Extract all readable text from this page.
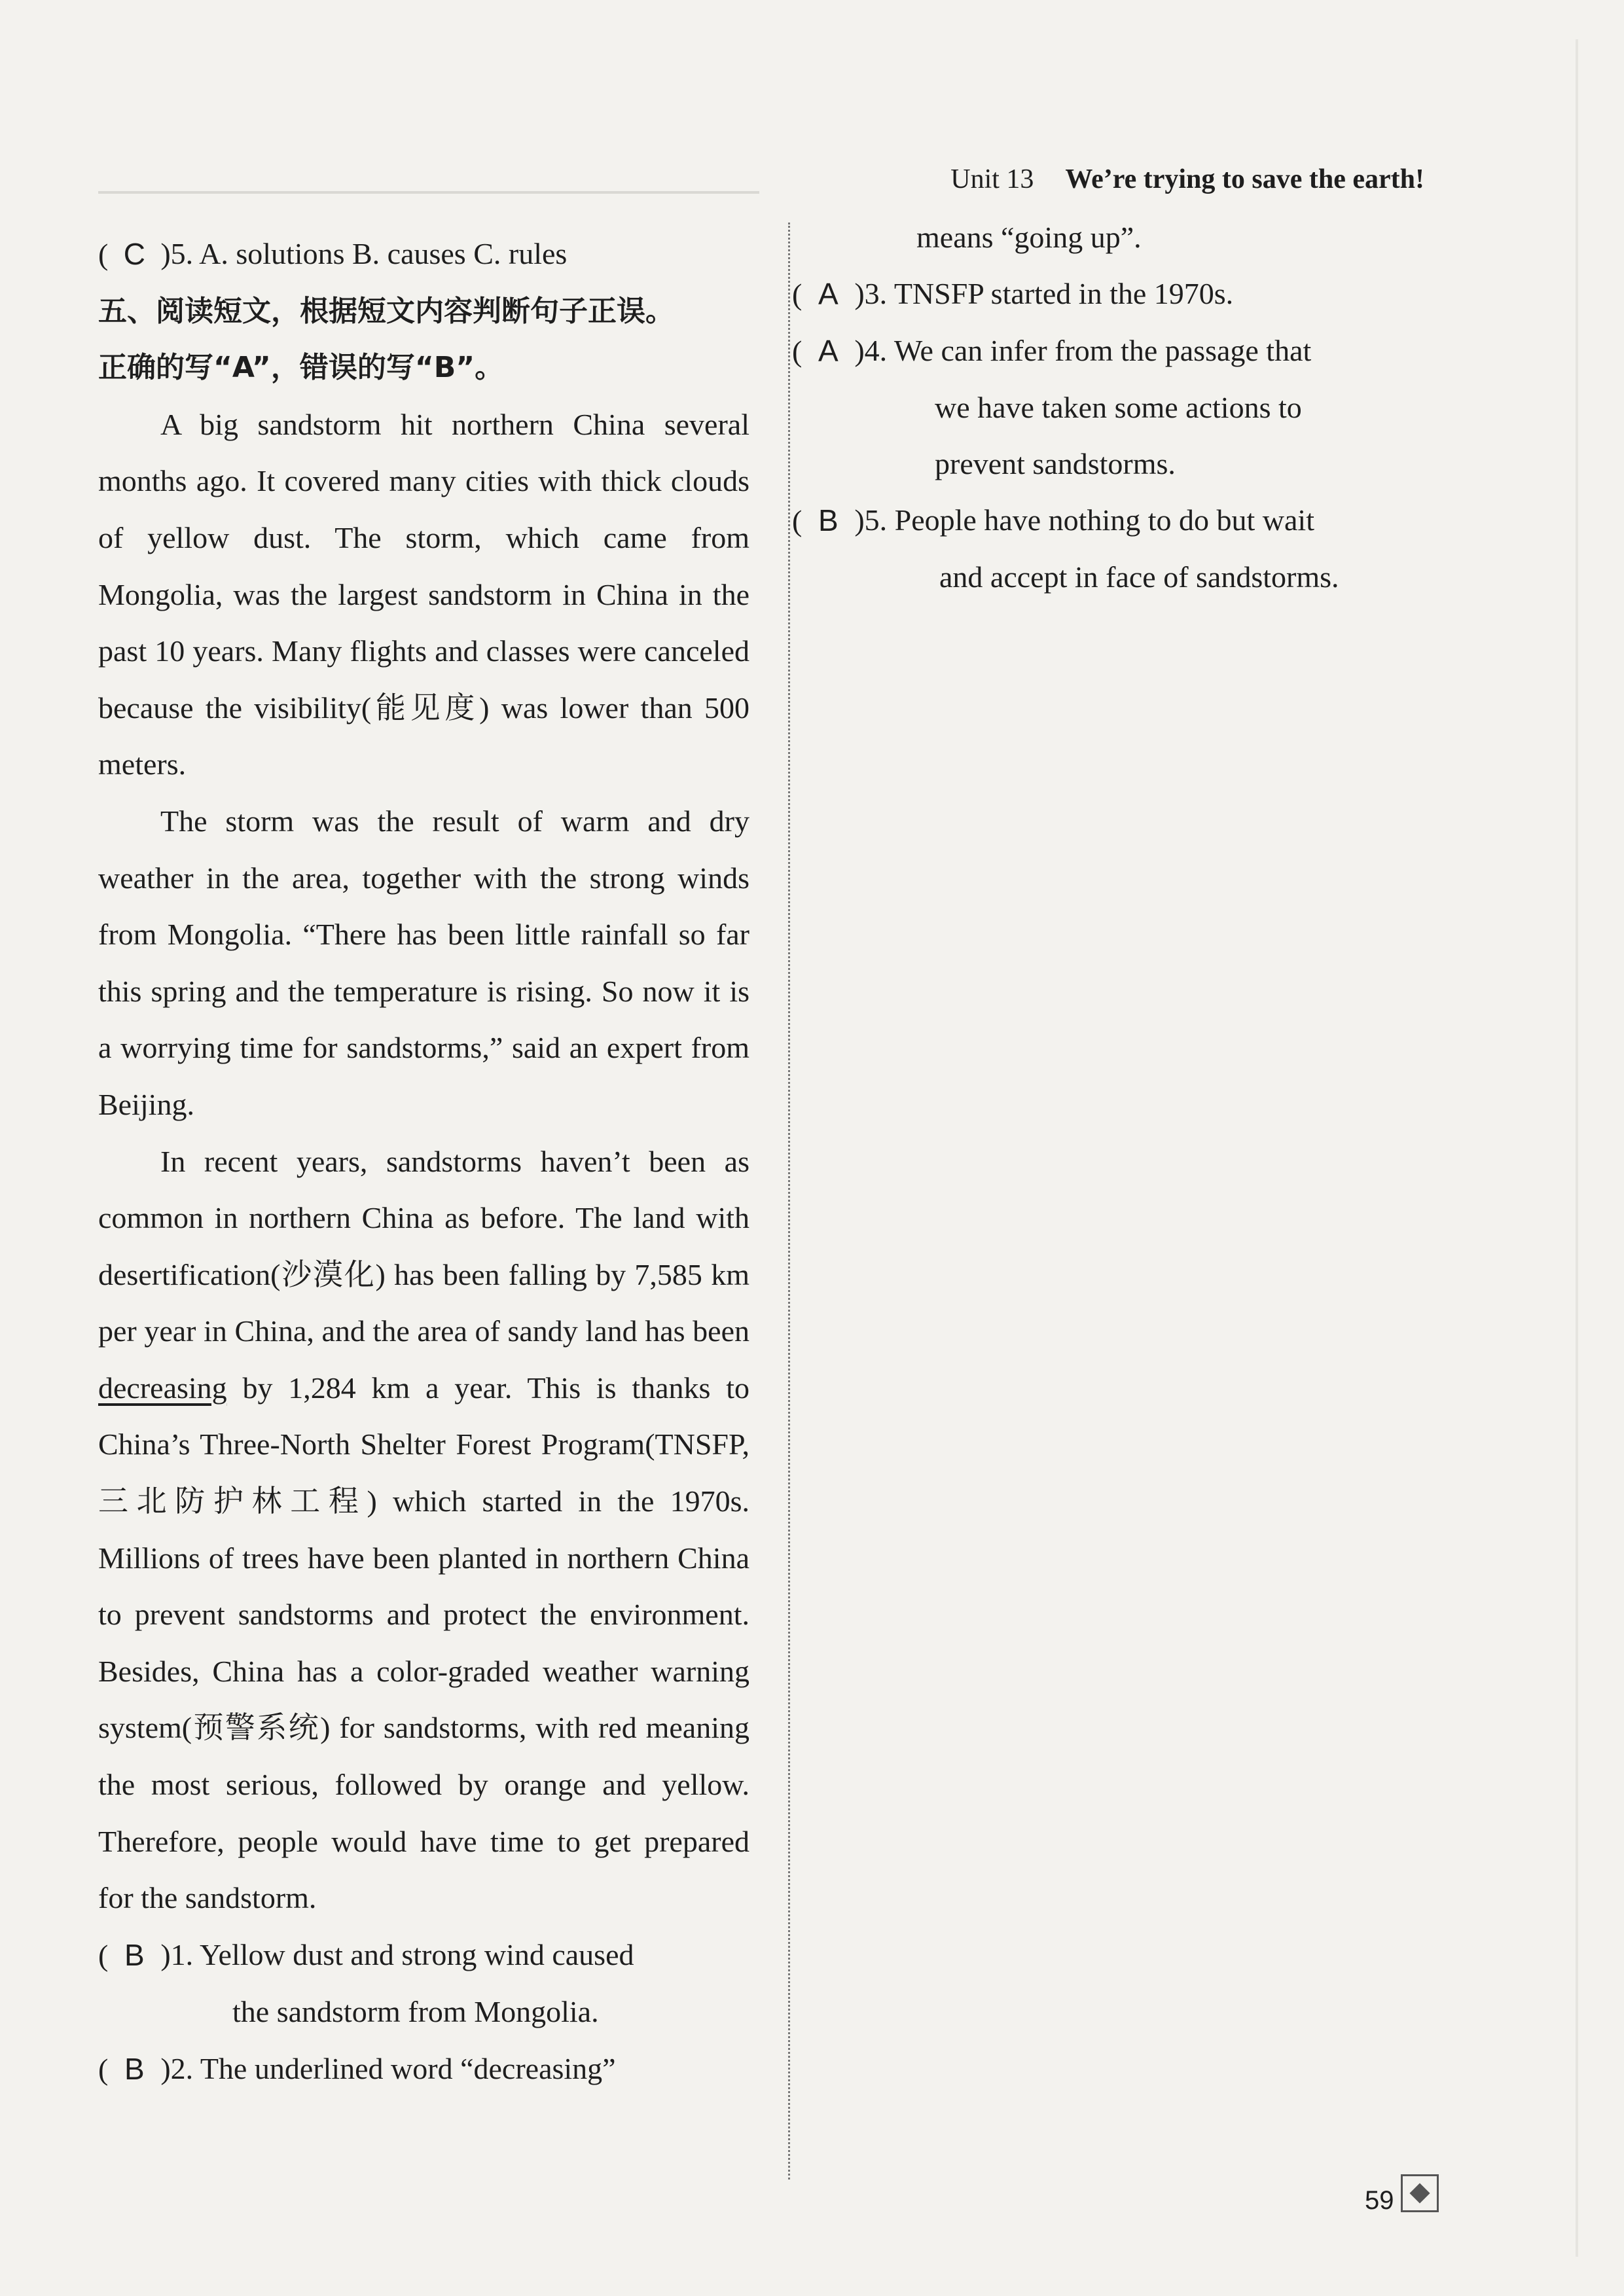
Unit 13 We’re trying to save the earth!
( C )5. A. solutions B. causes C. rules

五、阅读短文，根据短文内容判断句子正误。

正确的写“A”，错误的写“B”。

A big sandstorm hit northern China several months ago. It covered many cities with thick clouds of yellow dust. The storm, which came from Mongolia, was the largest sandstorm in China in the past 10 years. Many flights and classes were canceled because the visibility(能见度) was lower than 500 meters.

The storm was the result of warm and dry weather in the area, together with the strong winds from Mongolia. “There has been little rainfall so far this spring and the temperature is rising. So now it is a worrying time for sandstorms,” said an expert from Beijing.

In recent years, sandstorms haven’t been as common in northern China as before. The land with desertification(沙漠化) has been falling by 7,585 km per year in China, and the area of sandy land has been decreasing by 1,284 km a year. This is thanks to China’s Three-North Shelter Forest Program(TNSFP, 三北防护林工程) which started in the 1970s. Millions of trees have been planted in northern China to prevent sandstorms and protect the environment. Besides, China has a color-graded weather warning system(预警系统) for sandstorms, with red meaning the most serious, followed by orange and yellow. Therefore, people would have time to get prepared for the sandstorm.

( B )1. Yellow dust and strong wind caused

the sandstorm from Mongolia.

( B )2. The underlined word “decreasing”

means “going up”.

( A )3. TNSFP started in the 1970s.
( A )4. We can infer from the passage that

we have taken some actions to

prevent sandstorms.

( B )5. People have nothing to do but wait

and accept in face of sandstorms.

59
